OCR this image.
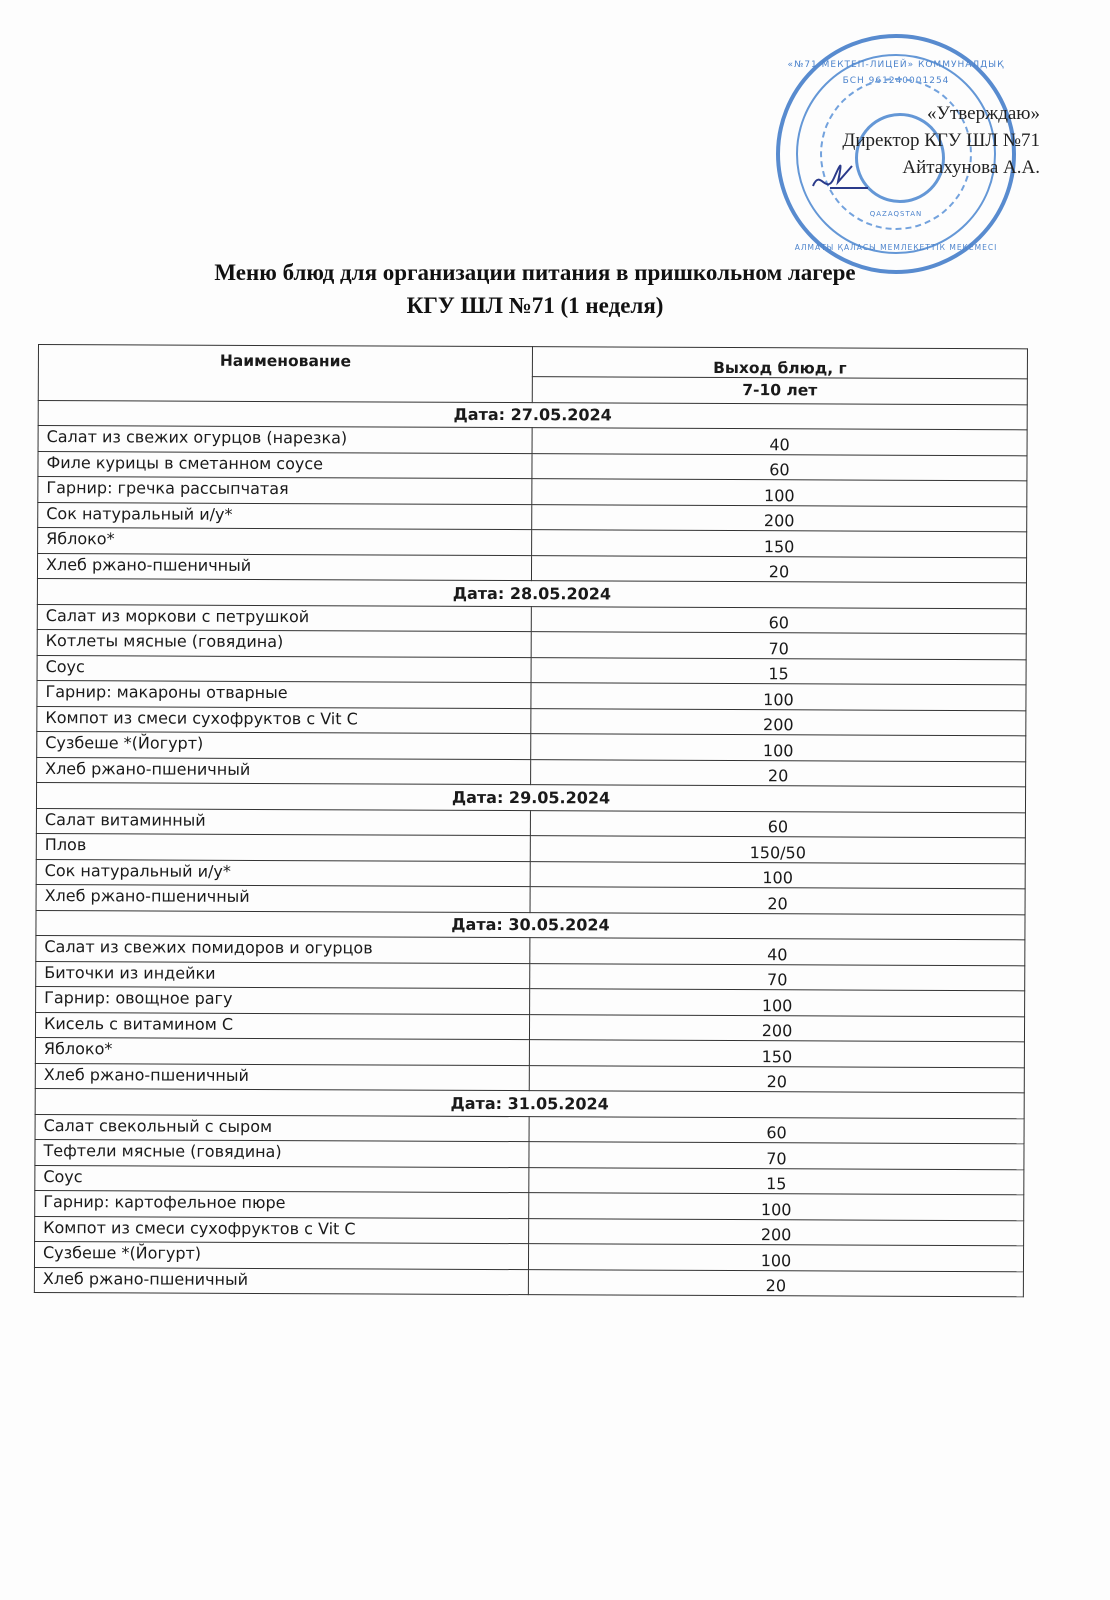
«№71 МЕКТЕП-ЛИЦЕЙ» КОММУНАЛДЫҚ
БСН 961240001254
QAZAQSTAN
АЛМАТЫ ҚАЛАСЫ МЕМЛЕКЕТТІК МЕКЕМЕСІ
«Утверждаю»
Директор КГУ ШЛ №71
Айтахунова А.А.
Меню блюд для организации питания в пришкольном лагере
КГУ ШЛ №71 (1 неделя)
Наименование	Выход блюд, г
	7-10 лет
Дата: 27.05.2024	
Салат из свежих огурцов (нарезка)	40
Филе курицы в сметанном соусе	60
Гарнир: гречка рассыпчатая	100
Сок натуральный и/у*	200
Яблоко*	150
Хлеб ржано-пшеничный	20
Дата: 28.05.2024	
Салат из моркови с петрушкой	60
Котлеты мясные (говядина)	70
Соус	15
Гарнир: макароны отварные	100
Компот из смеси сухофруктов с Vit C	200
Сузбеше *(Йогурт)	100
Хлеб ржано-пшеничный	20
Дата: 29.05.2024	
Салат витаминный	60
Плов	150/50
Сок натуральный и/у*	100
Хлеб ржано-пшеничный	20
Дата: 30.05.2024	
Салат из свежих помидоров и огурцов	40
Биточки из индейки	70
Гарнир: овощное рагу	100
Кисель с витамином С	200
Яблоко*	150
Хлеб ржано-пшеничный	20
Дата: 31.05.2024	
Салат свекольный с сыром	60
Тефтели мясные (говядина)	70
Соус	15
Гарнир: картофельное пюре	100
Компот из смеси сухофруктов с Vit C	200
Сузбеше *(Йогурт)	100
Хлеб ржано-пшеничный	20
